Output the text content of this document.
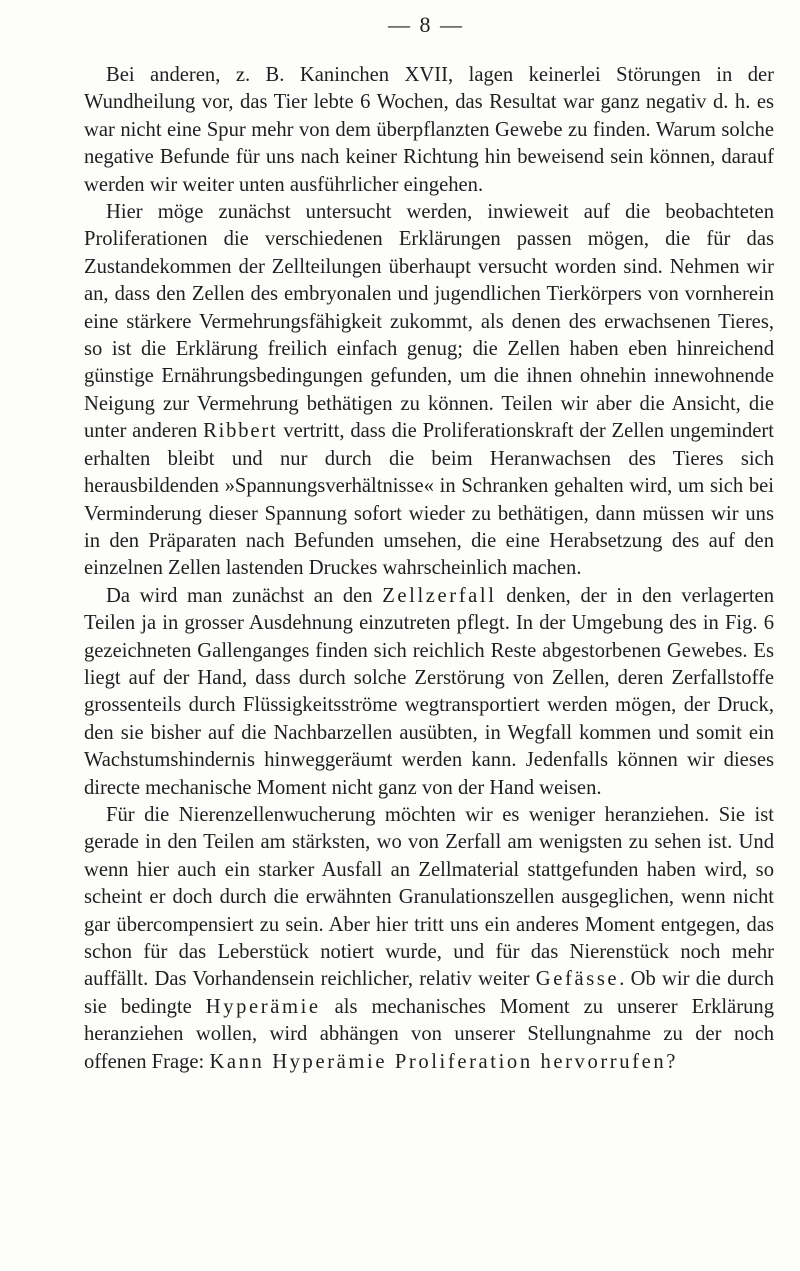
— 8 —

Bei anderen, z. B. Kaninchen XVII, lagen keinerlei Störungen in der Wundheilung vor, das Tier lebte 6 Wochen, das Resultat war ganz negativ d. h. es war nicht eine Spur mehr von dem überpflanzten Gewebe zu finden. Warum solche negative Befunde für uns nach keiner Richtung hin beweisend sein können, darauf werden wir weiter unten ausführlicher eingehen.

Hier möge zunächst untersucht werden, inwieweit auf die beobachteten Proliferationen die verschiedenen Erklärungen passen mögen, die für das Zustandekommen der Zellteilungen überhaupt versucht worden sind. Nehmen wir an, dass den Zellen des embryonalen und jugendlichen Tierkörpers von vornherein eine stärkere Vermehrungsfähigkeit zukommt, als denen des erwachsenen Tieres, so ist die Erklärung freilich einfach genug; die Zellen haben eben hinreichend günstige Ernährungsbedingungen gefunden, um die ihnen ohnehin innewohnende Neigung zur Vermehrung bethätigen zu können. Teilen wir aber die Ansicht, die unter anderen Ribbert vertritt, dass die Proliferationskraft der Zellen ungemindert erhalten bleibt und nur durch die beim Heranwachsen des Tieres sich herausbildenden »Spannungsverhältnisse« in Schranken gehalten wird, um sich bei Verminderung dieser Spannung sofort wieder zu bethätigen, dann müssen wir uns in den Präparaten nach Befunden umsehen, die eine Herabsetzung des auf den einzelnen Zellen lastenden Druckes wahrscheinlich machen.

Da wird man zunächst an den Zellzerfall denken, der in den verlagerten Teilen ja in grosser Ausdehnung einzutreten pflegt. In der Umgebung des in Fig. 6 gezeichneten Gallenganges finden sich reichlich Reste abgestorbenen Gewebes. Es liegt auf der Hand, dass durch solche Zerstörung von Zellen, deren Zerfallstoffe grossenteils durch Flüssigkeitsströme wegtransportiert werden mögen, der Druck, den sie bisher auf die Nachbarzellen ausübten, in Wegfall kommen und somit ein Wachstumshindernis hinweggeräumt werden kann. Jedenfalls können wir dieses directe mechanische Moment nicht ganz von der Hand weisen.

Für die Nierenzellenwucherung möchten wir es weniger heranziehen. Sie ist gerade in den Teilen am stärksten, wo von Zerfall am wenigsten zu sehen ist. Und wenn hier auch ein starker Ausfall an Zellmaterial stattgefunden haben wird, so scheint er doch durch die erwähnten Granulationszellen ausgeglichen, wenn nicht gar übercompensiert zu sein. Aber hier tritt uns ein anderes Moment entgegen, das schon für das Leberstück notiert wurde, und für das Nierenstück noch mehr auffällt. Das Vorhandensein reichlicher, relativ weiter Gefässe. Ob wir die durch sie bedingte Hyperämie als mechanisches Moment zu unserer Erklärung heranziehen wollen, wird abhängen von unserer Stellungnahme zu der noch offenen Frage: Kann Hyperämie Proliferation hervorrufen?
